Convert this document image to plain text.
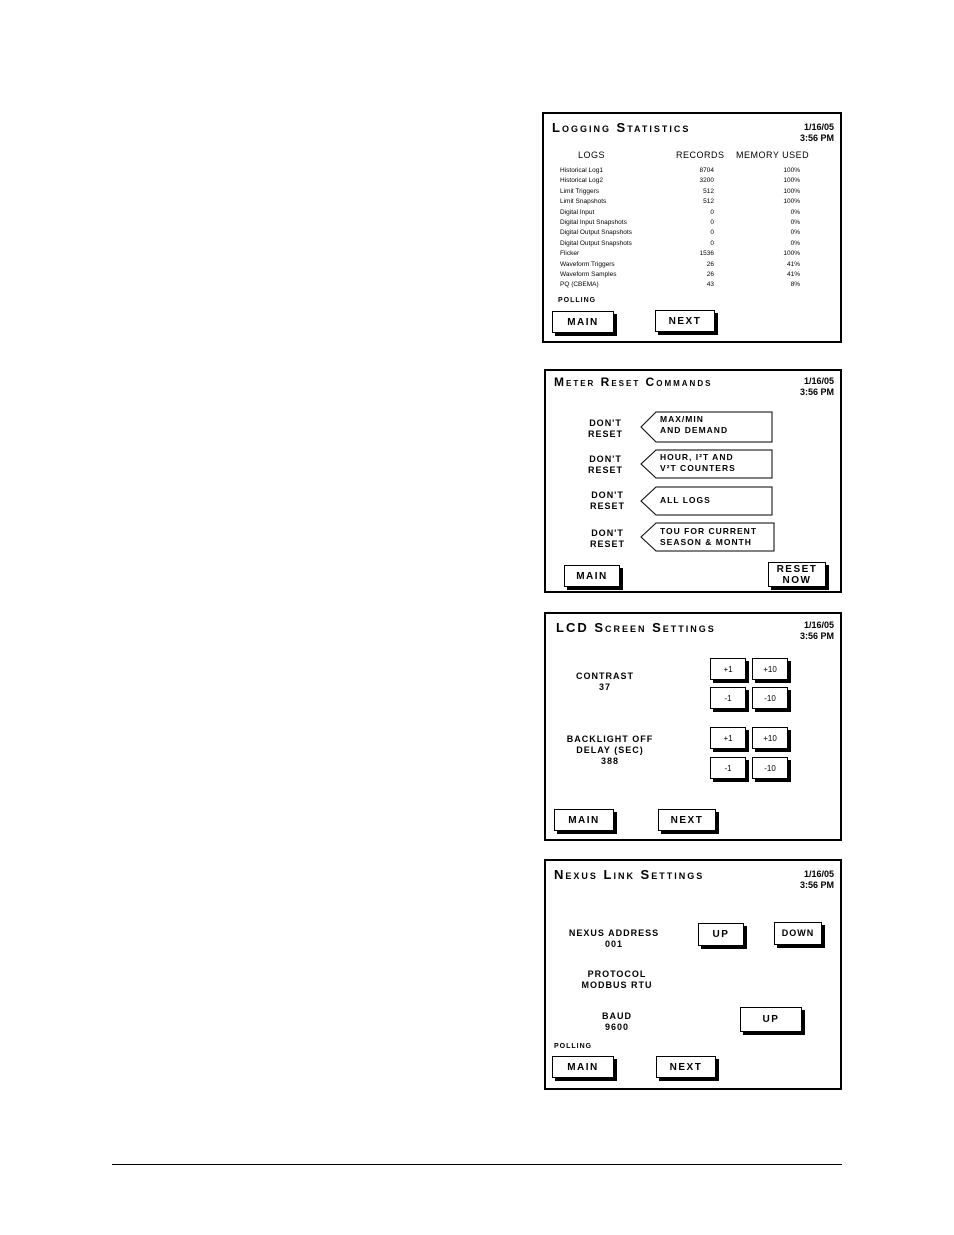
Logging Statistics	1/16/05
3:56 PM
LOGS	RECORDS MEMORY USED
Historical Log1	8704	100%
Historical Log2	3200	100%
Limit Triggers	512	100%
Limit Snapshots	512	100%
Digital Input	0	0%
Digital Input Snapshots	0	0%
Digital Output Snapshots	0	0%
Digital Output Snapshots	0	0%
Flicker	1536	100%
Waveform Triggers	26	41%
Waveform Samples	26	41%
PQ (CBEMA)	43	8%
POLLING
MAIN	NEXT
Meter Reset Commands	1/16/05
3:56 PM
DON'T
RESET
MAX/MIN
AND DEMAND
DON'T
RESET
HOUR, I²T AND
V²T COUNTERS
DON'T
RESET
ALL LOGS
DON'T
RESET
TOU FOR CURRENT
SEASON & MONTH
MAIN
RESET
NOW
LCD Screen Settings	1/16/05
3:56 PM
CONTRAST
37
+1	+10
-1	-10
BACKLIGHT OFF
DELAY (SEC)
388
+1	+10
-1	-10
MAIN	NEXT
Nexus Link Settings	1/16/05
3:56 PM
NEXUS ADDRESS
001
UP	DOWN
PROTOCOL
MODBUS RTU
BAUD
9600
UP
POLLING
MAIN	NEXT
